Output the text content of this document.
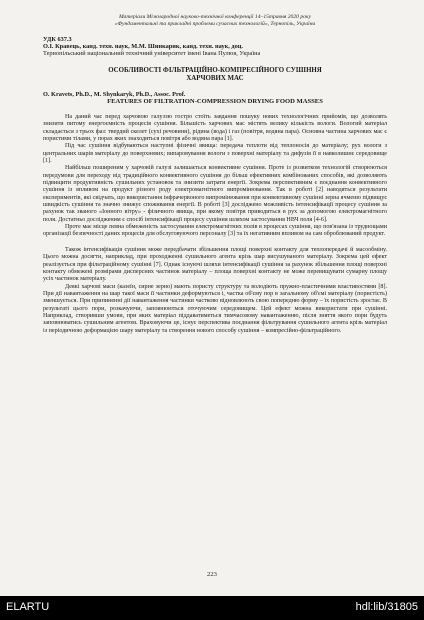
Матеріали Міжнародної науково-технічної конференції 14–15травня 2020 року
«Фундаментальні та прикладні проблеми сучасних технологій», Тернопіль, Україна
УДК 637.3
О.І. Кравець, канд. техн. наук, М.М. Шинкарик, канд. техн. наук, доц.
Тернопільський національний технічний університет імені Івана Пулюя, Україна
ОСОБЛИВОСТІ ФІЛЬТРАЦІЙНО-КОМПРЕСІЙНОГО СУШІННЯ
ХАРЧОВИХ МАС
O. Kravets, Ph.D., M. Shynkaryk, Ph.D., Assoc. Prof.
FEATURES OF FILTRATION-COMPRESSION DRYING FOOD MASSES

На даний час перед харчовою галуззю гостро стоїть завдання пошуку нових технологічних прийомів, що дозволять знизити питому енергоємність процесів сушіння. Більшість харчових мас містять велику кількість вологи. Вологий матеріал складається з трьох фаз: твердий скелет (сухі речовини), рідина (вода) і газ (повітря, водяна пара). Основна частина харчових мас є пористими тілами, у порах яких знаходиться повітря або водяна пара [1].

Під час сушіння відбуваються наступні фізичні явища: передача теплоти від теплоносія до матеріалу; рух вологи з центральних шарів матеріалу до поверхневих; випаровування вологи з поверхні матеріалу та дифузія її в навколишнє середовище [1].

Найбільш поширеним у харчовій галузі залишається конвективне сушіння. Проте із розвитком технологій створюються передумови для переходу від традиційного конвективного сушіння до більш ефективних комбінованих способів, які дозволяють підвищити продуктивність сушильних установок та знизити затрати енергії. Зокрема перспективним є поєднання конвективного сушіння із впливом на продукт різного роду електромагнітного випромінювання. Так в роботі [2] наводяться результати експериментів, які свідчать, що використання інфрачервоного випромінювання при конвективному сушінні зерна ячменю підвищує швидкість сушіння та значно знижує споживання енергії. В роботі [3] досліджено можливість інтенсифікації процесу сушіння за рахунок так званого «Іонного вітру» - фізичного явища, при якому повітря приводиться в рух за допомогою електромагнітного поля. Достатньо дослідженим є спосіб інтенсифікації процесу сушіння шляхом застосування НВЧ поля [4-6].

Проте має місце певна обмеженість застосування електромагнітних полів в процесах сушіння, що пов'язана із труднощами організації безпечності даних процесів для обслуговуючого персоналу [3] та їх негативним впливом на сам оброблюваний продукт.

Також інтенсифікація сушіння може передбачати збільшення площі поверхні контакту для теплопередачі й масообміну. Цього можна досягти, наприклад, при проходженні сушильного агента крізь шар висушуваного матеріалу. Зокрема цей ефект реалізується при фільтраційному сушінні [7]. Однак існуючі шляхи інтенсифікації сушіння за рахунок збільшення площі поверхні контакту обмежені розмірами дисперсних частинок матеріалу – площа поверхні контакту не може перевищувати сумарну площу усіх частинок матеріалу.

Деякі харчові маси (казеїн, сирне зерно) мають пористу структуру та володіють пружно-пластичними властивостями [8]. При дії навантаження на шар такої маси її частинки деформуються і, частка об'єму пор в загальному об'ємі матеріалу (пористість) зменшується. При припиненні дії навантаження частинки частково відновлюють свою попередню форму – їх пористість зростає. В результаті цього пори, розкачуючи, заповнюються оточуючим середовищем. Цей ефект можна використати при сушінні. Наприклад, створивши умови, при яких матеріал піддаватиметься тимчасовому навантаженню, після зняття якого пори будуть заповнюватись сушильним агентом. Враховуючи це, існує перспектива поєднання фільтрування сушильного агента крізь матеріал із періодичною деформацією шару матеріалу та створення нового способу сушіння – компресійно-фільтраційного.

223
ELARTU	hdl:lib/31805
